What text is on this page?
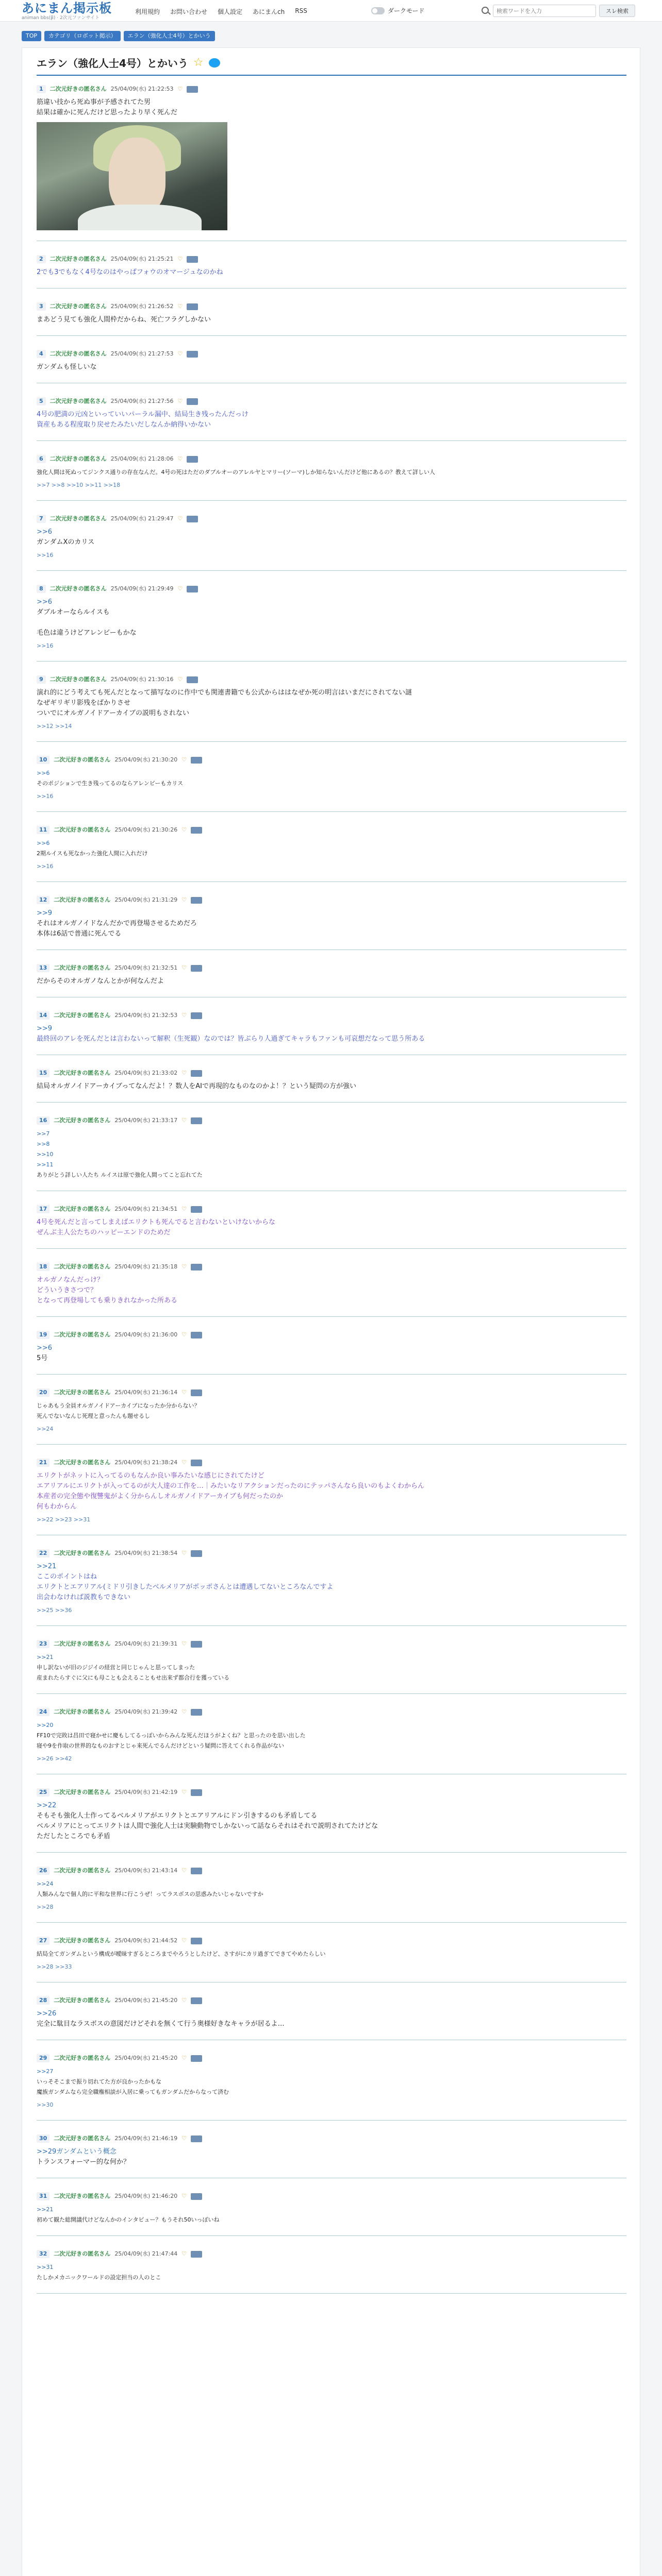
あにまん掲示板
animan bbs(β) · 2次元ファンサイト
利用規約 お問い合わせ 個人設定 あにまんch RSS	ダークモード
検索ワードを入力	スレ検索
TOP	カテゴリ（ロボット掲示）	エラン（強化人士4号）とかいう
エラン（強化人士4号）とかいう ☆
1	二次元好きの匿名さん 25/04/09(水) 21:22:53 ♡
筋違い技から死ぬ事が予感されてた男
結果は確かに死んだけど思ったより早く死んだ
2	二次元好きの匿名さん 25/04/09(水) 21:25:21 ♡
2でも3でもなく4号なのはやっぱフォウのオマージュなのかね
3	二次元好きの匿名さん 25/04/09(水) 21:26:52 ♡
まあどう見ても強化人間枠だからね、死亡フラグしかない
4	二次元好きの匿名さん 25/04/09(水) 21:27:53 ♡
ガンダムも怪しいな
5	二次元好きの匿名さん 25/04/09(水) 21:27:56 ♡
4号の肥満の元凶といっていいパーラル漏中、結局生き残ったんだっけ
資産もある程度取り戻せたみたいだしなんか納得いかない
6	二次元好きの匿名さん 25/04/09(水) 21:28:06 ♡
強化人間は死ぬってジンクス通りの存在なんだ。4号の死はただのダブルオーのアレルヤとマリー(ソーマ)しか知らないんだけど他にあるの？教えて詳しい人
>>7 >>8 >>10 >>11 >>18
7	二次元好きの匿名さん 25/04/09(水) 21:29:47 ♡
>>6
ガンダムXのカリス
>>16
8	二次元好きの匿名さん 25/04/09(水) 21:29:49 ♡
>>6
ダブルオーならルイスも
毛色は違うけどアレンビーもかな
>>16
9	二次元好きの匿名さん 25/04/09(水) 21:30:16 ♡
演れ的にどう考えても死んだとなって描写なのに作中でも関連書籍でも公式からははなぜか死の明言はいまだにされてない謎
なぜギリギリ影残をばかりさせ
ついでにオルガノイドアーカイブの説明もされない
>>12 >>14
10	二次元好きの匿名さん 25/04/09(水) 21:30:20 ♡
>>6
そのポジションで生き残ってるのならアレンビーもカリス
>>16
11	二次元好きの匿名さん 25/04/09(水) 21:30:26 ♡
>>6
2期ルイスも死なかった強化人間に入れだけ
>>16
12	二次元好きの匿名さん 25/04/09(水) 21:31:29 ♡
>>9
それはオルガノイドなんだかで再登場させるためだろ
本体は6話で普通に死んでる
13	二次元好きの匿名さん 25/04/09(水) 21:32:51 ♡
だからそのオルガノなんとかが何なんだよ
14	二次元好きの匿名さん 25/04/09(水) 21:32:53 ♡
>>9
最終回のアレを死んだとは言わないって解釈（生死観）なのでは？皆ぶらり人過ぎてキャラもファンも可哀想だなって思う所ある
15	二次元好きの匿名さん 25/04/09(水) 21:33:02 ♡
結局オルガノイドアーカイブってなんだよ！？数人をAIで再現的なものなのかよ！？という疑問の方が強い
16	二次元好きの匿名さん 25/04/09(水) 21:33:17 ♡
>>7
>>8
>>10
>>11
ありがとう詳しい人たち ルイスは原で強化人間ってこと忘れてた
17	二次元好きの匿名さん 25/04/09(水) 21:34:51 ♡
4号を死んだと言ってしまえばエリクトも死んでると言わないといけないからな
ぜんぶ主人公たちのハッピーエンドのためだ
18	二次元好きの匿名さん 25/04/09(水) 21:35:18 ♡
オルガノなんだっけ？
どういうきさつで？
となって再登場しても乗りきれなかった所ある
19	二次元好きの匿名さん 25/04/09(水) 21:36:00 ♡
>>6
5号
20	二次元好きの匿名さん 25/04/09(水) 21:36:14 ♡
じゃあもう全員オルガノイドアーカイブになったか分からない？
死んでないなんじ死理と意ったんも題せるし
>>24
21	二次元好きの匿名さん 25/04/09(水) 21:38:24 ♡
エリクトがネットに入ってるのもなんか良い事みたいな感じにされてたけど
エアリアルにエリクトが入ってるのが大人達の工作を…｜みたいなリアクションだったのにテッパさんなら良いのもよくわからん
本産者の完全態や復讐鬼がよく分からんしオルガノイドアーカイブも何だったのか
何もわからん
>>22 >>23 >>31
22	二次元好きの匿名さん 25/04/09(水) 21:38:54 ♡
>>21
ここのポイントはね
エリクトとエアリアル(ミドリ引きしたベルメリアがポッポさんとは遭遇してないところなんですよ
出会わなければ説教もできない
>>25 >>36
23	二次元好きの匿名さん 25/04/09(水) 21:39:31 ♡
>>21
申し訳ないが旧のジジイの経営と同じじゃんと思ってしまった
産まれたらすぐに父にも母ことも会えることもせ出来ず都合行を獲っている
24	二次元好きの匿名さん 25/04/09(水) 21:39:42 ♡
>>20
FF10で完敗は昌田で寝かせに慶もしてるっぽいからみんな死んだほうがよくね？と思ったのを思い出した
寝や9を作取の世界的なものおすとじゃ来死んでるんだけどという疑問に答えてくれる作品がない
>>26 >>42
25	二次元好きの匿名さん 25/04/09(水) 21:42:19 ♡
>>22
そもそも強化人士作ってるベルメリアがエリクトとエアリアルにドン引きするのも矛盾してる
ベルメリアにとってエリクトは人間で強化人士は実験動物でしかないって話ならそれはそれで説明されてたけどな
ただしたところでも矛盾
26	二次元好きの匿名さん 25/04/09(水) 21:43:14 ♡
>>24
人類みんなで個人的に平和な世界に行こうぜ！ってラスボスの思惑みたいじゃないですか
>>28
27	二次元好きの匿名さん 25/04/09(水) 21:44:52 ♡
結局全てガンダムという構成が曖昧すぎるところまでやろうとしたけど、さすがにカリ過ぎてできてやめたらしい
>>28 >>33
28	二次元好きの匿名さん 25/04/09(水) 21:45:20 ♡
>>26
完全に駄目なラスボスの意図だけどそれを無くて行う奥様好きなキャラが居るよ…
29	二次元好きの匿名さん 25/04/09(水) 21:45:20 ♡
>>27
いっそそこまで振り切れてた方が良かったかもな
魔族ガンダムなら完全職権相談が入居に乗ってもガンダムだからなって済む
>>30
30	二次元好きの匿名さん 25/04/09(水) 21:46:19 ♡
>>29ガンダムという概念
トランスフォーマー的な何か？
31	二次元好きの匿名さん 25/04/09(水) 21:46:20 ♡
>>21
初めて観た総開議代けどなんかのインタビュー？もうそれ50いっぽいね
32	二次元好きの匿名さん 25/04/09(水) 21:47:44 ♡
>>31
たしかメカニックワールドの設定担当の人のとこ
